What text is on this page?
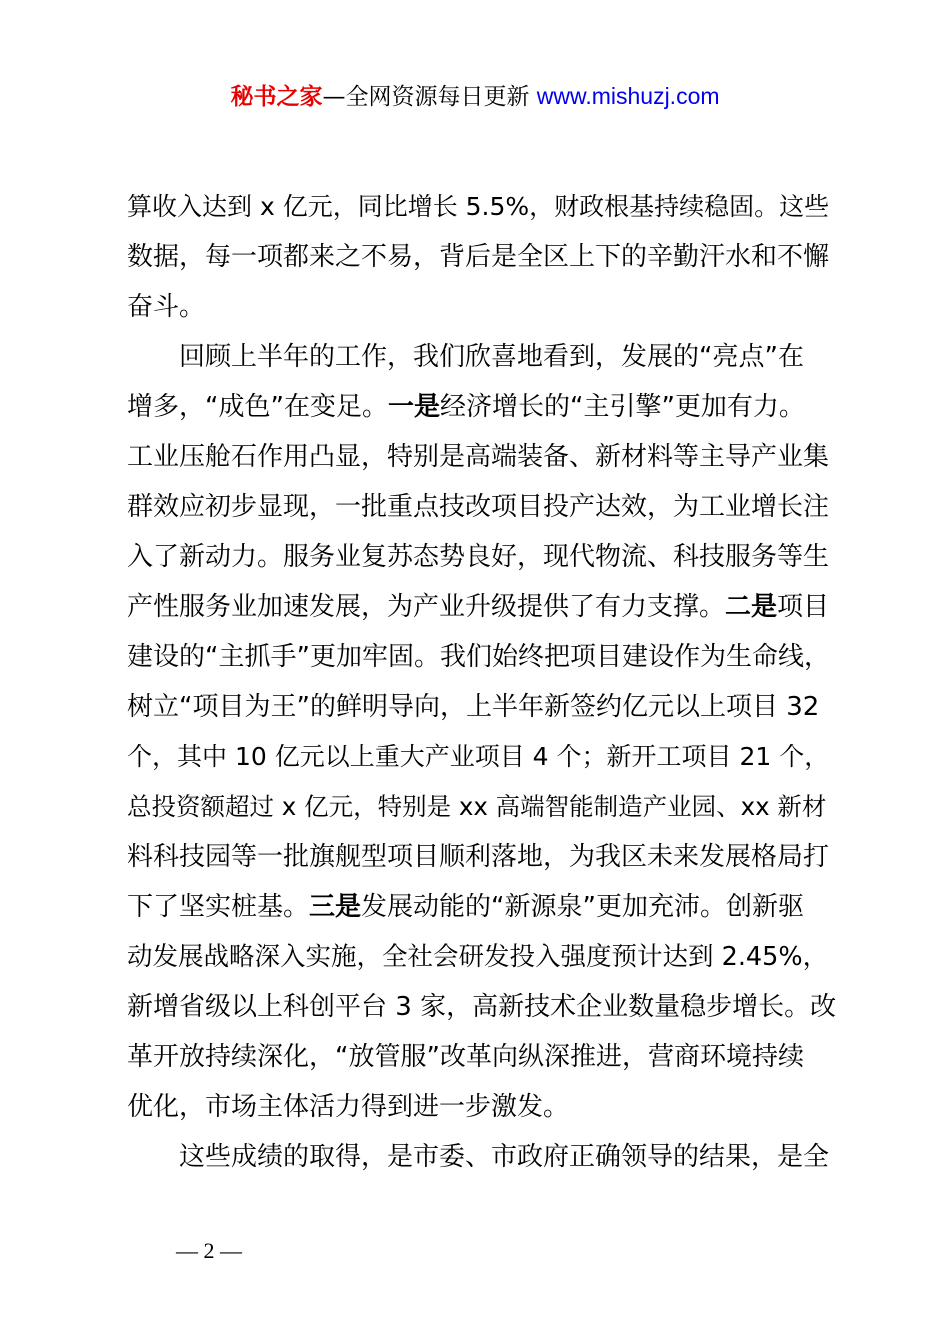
秘书之家—全网资源每日更新 www.mishuzj.com
算收入达到 x 亿元，同比增长 5.5%，财政根基持续稳固。这些
数据，每一项都来之不易，背后是全区上下的辛勤汗水和不懈
奋斗。
回顾上半年的工作，我们欣喜地看到，发展的“亮点”在
增多，“成色”在变足。一是经济增长的“主引擎”更加有力。
工业压舱石作用凸显，特别是高端装备、新材料等主导产业集
群效应初步显现，一批重点技改项目投产达效，为工业增长注
入了新动力。服务业复苏态势良好，现代物流、科技服务等生
产性服务业加速发展，为产业升级提供了有力支撑。二是项目
建设的“主抓手”更加牢固。我们始终把项目建设作为生命线，
树立“项目为王”的鲜明导向，上半年新签约亿元以上项目 32
个，其中 10 亿元以上重大产业项目 4 个；新开工项目 21 个，
总投资额超过 x 亿元，特别是 xx 高端智能制造产业园、xx 新材
料科技园等一批旗舰型项目顺利落地，为我区未来发展格局打
下了坚实桩基。三是发展动能的“新源泉”更加充沛。创新驱
动发展战略深入实施，全社会研发投入强度预计达到 2.45%，
新增省级以上科创平台 3 家，高新技术企业数量稳步增长。改
革开放持续深化，“放管服”改革向纵深推进，营商环境持续
优化，市场主体活力得到进一步激发。
这些成绩的取得，是市委、市政府正确领导的结果，是全
— 2 —
